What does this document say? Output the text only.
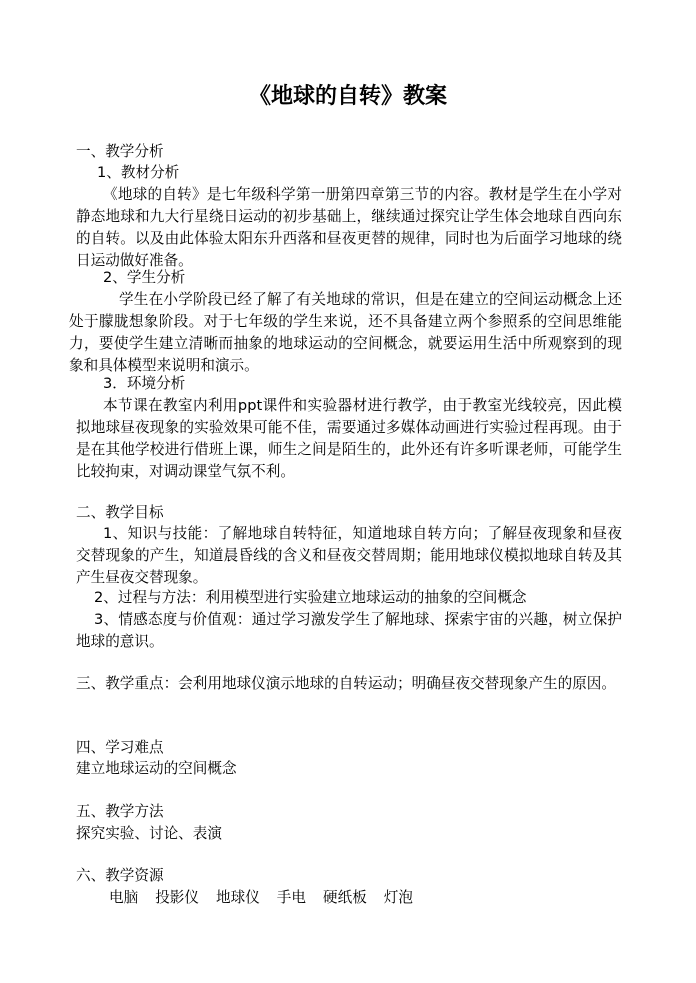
《地球的自转》教案
一、教学分析
1、教材分析
《地球的自转》是七年级科学第一册第四章第三节的内容。教材是学生在小学对静态地球和九大行星绕日运动的初步基础上，继续通过探究让学生体会地球自西向东的自转。以及由此体验太阳东升西落和昼夜更替的规律，同时也为后面学习地球的绕日运动做好准备。
2、学生分析
学生在小学阶段已经了解了有关地球的常识，但是在建立的空间运动概念上还处于朦胧想象阶段。对于七年级的学生来说，还不具备建立两个参照系的空间思维能力，要使学生建立清晰而抽象的地球运动的空间概念，就要运用生活中所观察到的现象和具体模型来说明和演示。
3．环境分析
本节课在教室内利用ppt课件和实验器材进行教学，由于教室光线较亮，因此模拟地球昼夜现象的实验效果可能不佳，需要通过多媒体动画进行实验过程再现。由于是在其他学校进行借班上课，师生之间是陌生的，此外还有许多听课老师，可能学生比较拘束，对调动课堂气氛不利。
二、教学目标
1、知识与技能：了解地球自转特征，知道地球自转方向；了解昼夜现象和昼夜交替现象的产生，知道晨昏线的含义和昼夜交替周期；能用地球仪模拟地球自转及其产生昼夜交替现象。
2、过程与方法：利用模型进行实验建立地球运动的抽象的空间概念
3、情感态度与价值观：通过学习激发学生了解地球、探索宇宙的兴趣，树立保护地球的意识。
三、教学重点：会利用地球仪演示地球的自转运动；明确昼夜交替现象产生的原因。
四、学习难点
建立地球运动的空间概念
五、教学方法
探究实验、讨论、表演
六、教学资源
电脑 投影仪 地球仪 手电 硬纸板 灯泡
